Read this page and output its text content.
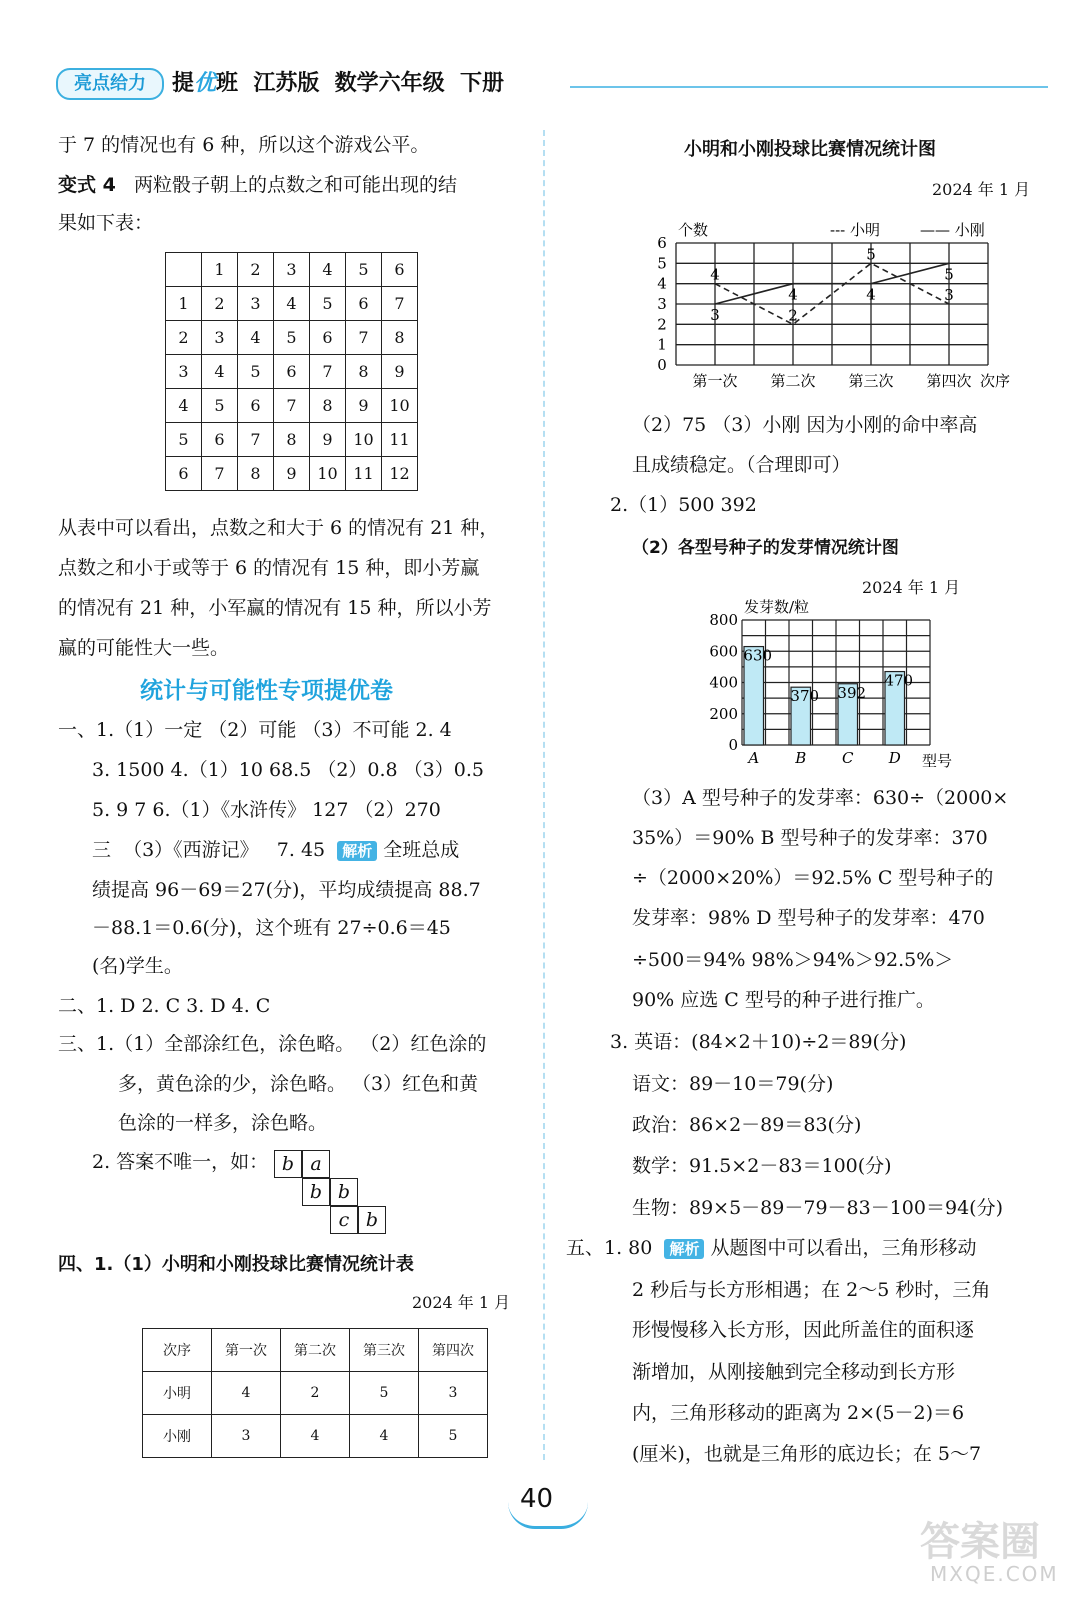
亮点给力	提优班  江苏版  数学六年级  下册
于 7 的情况也有 6 种，所以这个游戏公平。
变式 4 两粒骰子朝上的点数之和可能出现的结
果如下表：
	1	2	3	4	5	6
1	2	3	4	5	6	7
2	3	4	5	6	7	8
3	4	5	6	7	8	9
4	5	6	7	8	9	10
5	6	7	8	9	10	11
6	7	8	9	10	11	12
从表中可以看出，点数之和大于 6 的情况有 21 种，
点数之和小于或等于 6 的情况有 15 种，即小芳赢
的情况有 21 种，小军赢的情况有 15 种，所以小芳
赢的可能性大一些。
统计与可能性专项提优卷
一、1.（1）一定 （2）可能 （3）不可能 2. 4
3. 1500 4.（1）10 68.5 （2）0.8 （3）0.5
5. 9 7 6.（1）《水浒传》 127 （2）270
三  （3）《西游记》   7. 45 解析 全班总成
绩提高 96－69＝27(分)，平均成绩提高 88.7
－88.1＝0.6(分)，这个班有 27÷0.6＝45
(名)学生。
二、1. D 2. C 3. D 4. C
三、1.（1）全部涂红色，涂色略。 （2）红色涂的
多，黄色涂的少，涂色略。 （3）红色和黄
色涂的一样多，涂色略。
2. 答案不唯一，如： b a
b b
c b
四、1.（1）小明和小刚投球比赛情况统计表
2024 年 1 月
次序	第一次	第二次	第三次	第四次
小明	4	2	5	3
小刚	3	4	4	5
小明和小刚投球比赛情况统计图
2024 年 1 月
个数	--- 小明	—— 小刚
次序
0
1
2
3
4
5
6
第一次 第二次 第三次 第四次
4
2
5
3
3
4	4
5
（2）75 （3）小刚 因为小刚的命中率高
且成绩稳定。（合理即可）
2.（1）500 392
（2）各型号种子的发芽情况统计图
2024 年 1 月
发芽数/粒
型号
0
200
400
600
800
630
A
370
B
392
C
470
D
（3）A 型号种子的发芽率：630÷（2000×
35%）＝90% B 型号种子的发芽率：370
÷（2000×20%）＝92.5% C 型号种子的
发芽率：98% D 型号种子的发芽率：470
÷500＝94% 98%＞94%＞92.5%＞
90% 应选 C 型号的种子进行推广。
3. 英语：(84×2＋10)÷2＝89(分)
语文：89－10＝79(分)
政治：86×2－89＝83(分)
数学：91.5×2－83＝100(分)
生物：89×5－89－79－83－100＝94(分)
五、1. 80 解析 从题图中可以看出，三角形移动
2 秒后与长方形相遇；在 2～5 秒时，三角
形慢慢移入长方形，因此所盖住的面积逐
渐增加，从刚接触到完全移动到长方形
内，三角形移动的距离为 2×(5－2)＝6
(厘米)，也就是三角形的底边长；在 5～7
40
答案圈
MXQE.COM
